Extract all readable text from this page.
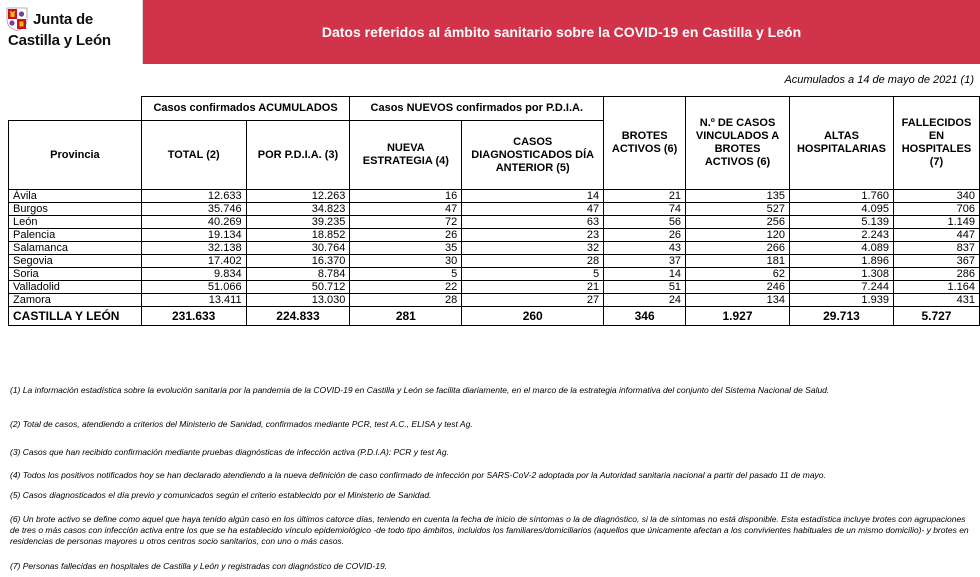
Junta de
Castilla y León	Datos referidos al ámbito sanitario sobre la COVID-19 en Castilla y León
Acumulados a 14 de mayo de 2021 (1)
	Casos confirmados ACUMULADOS		Casos NUEVOS confirmados por P.D.I.A.		BROTES ACTIVOS (6)	N.º DE CASOS VINCULADOS A BROTES ACTIVOS (6)	ALTAS HOSPITALARIAS	FALLECIDOS EN HOSPITALES (7)
Provincia	TOTAL (2)	POR P.D.I.A. (3)	NUEVA ESTRATEGIA (4)	CASOS DIAGNOSTICADOS DÍA ANTERIOR (5)				
Ávila	12.633	12.263	16	14	21	135	1.760	340
Burgos	35.746	34.823	47	47	74	527	4.095	706
León	40.269	39.235	72	63	56	256	5.139	1.149
Palencia	19.134	18.852	26	23	26	120	2.243	447
Salamanca	32.138	30.764	35	32	43	266	4.089	837
Segovia	17.402	16.370	30	28	37	181	1.896	367
Soria	9.834	8.784	5	5	14	62	1.308	286
Valladolid	51.066	50.712	22	21	51	246	7.244	1.164
Zamora	13.411	13.030	28	27	24	134	1.939	431
CASTILLA Y LEÓN	231.633	224.833	281	260	346	1.927	29.713	5.727

(1) La información estadística sobre la evolución sanitaria por la pandemia de la COVID-19 en Castilla y León se facilita diariamente, en el marco de la estrategia informativa del conjunto del Sistema Nacional de Salud.

(2) Total de casos, atendiendo a criterios del Ministerio de Sanidad, confirmados mediante PCR, test A.C., ELISA y test Ag.

(3) Casos que han recibido confirmación mediante pruebas diagnósticas de infección activa (P.D.I.A): PCR y test Ag.

(4) Todos los positivos notificados hoy se han declarado atendiendo a la nueva definición de caso confirmado de infección por SARS-CoV-2 adoptada por la Autoridad sanitaria nacional a partir del pasado 11 de mayo.

(5) Casos diagnosticados el día previo y comunicados según el criterio establecido por el Ministerio de Sanidad.

(6) Un brote activo se define como aquel que haya tenido algún caso en los últimos catorce días, teniendo en cuenta la fecha de inicio de síntomas o la de diagnóstico, si la de síntomas no está disponible. Esta estadística incluye brotes con agrupaciones de tres o más casos con infección activa entre los que se ha establecido vínculo epidemiológico -de todo tipo ámbitos, incluidos los familiares/domiciliarios (aquellos que únicamente afectan a los convivientes habituales de un mismo domicilio)- y brotes en residencias de personas mayores u otros centros socio sanitarios, con uno o más casos.

(7) Personas fallecidas en hospitales de Castilla y León y registradas con diagnóstico de COVID-19.
